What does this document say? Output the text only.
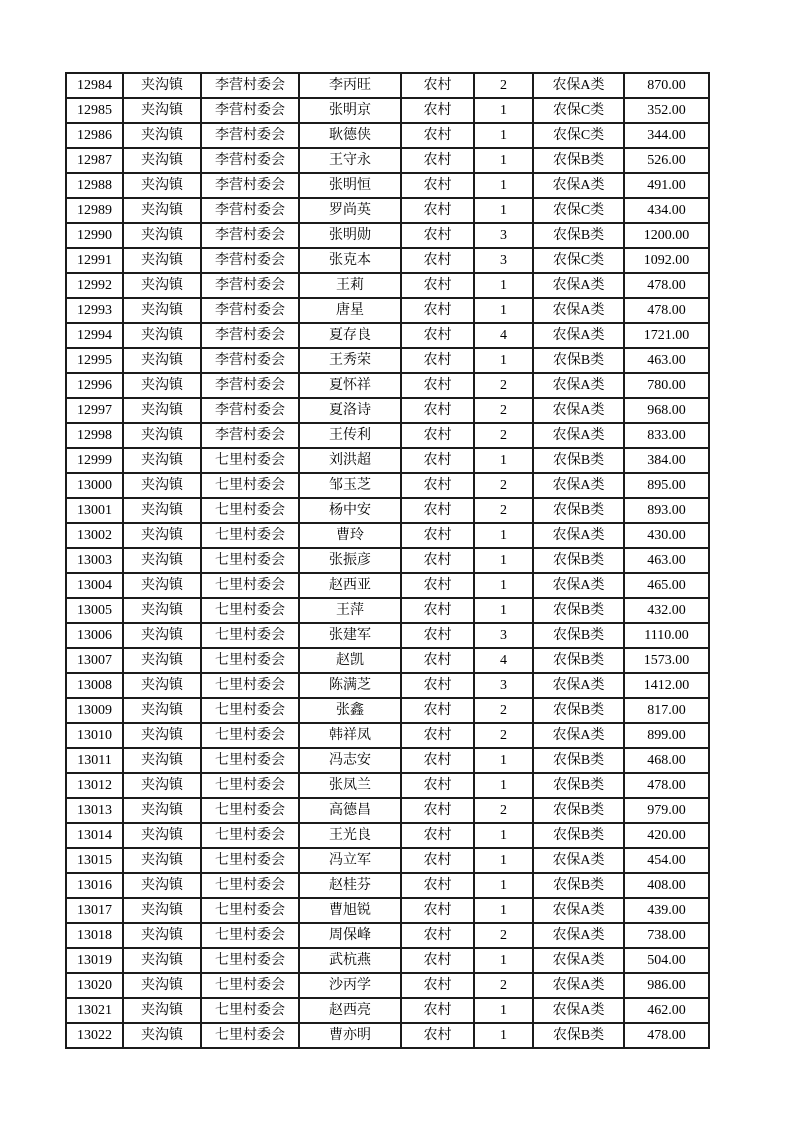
12984	夹沟镇	李营村委会	李丙旺	农村	2	农保A类	870.00
12985	夹沟镇	李营村委会	张明京	农村	1	农保C类	352.00
12986	夹沟镇	李营村委会	耿德侠	农村	1	农保C类	344.00
12987	夹沟镇	李营村委会	王守永	农村	1	农保B类	526.00
12988	夹沟镇	李营村委会	张明恒	农村	1	农保A类	491.00
12989	夹沟镇	李营村委会	罗尚英	农村	1	农保C类	434.00
12990	夹沟镇	李营村委会	张明勋	农村	3	农保B类	1200.00
12991	夹沟镇	李营村委会	张克本	农村	3	农保C类	1092.00
12992	夹沟镇	李营村委会	王莉	农村	1	农保A类	478.00
12993	夹沟镇	李营村委会	唐星	农村	1	农保A类	478.00
12994	夹沟镇	李营村委会	夏存良	农村	4	农保A类	1721.00
12995	夹沟镇	李营村委会	王秀荣	农村	1	农保B类	463.00
12996	夹沟镇	李营村委会	夏怀祥	农村	2	农保A类	780.00
12997	夹沟镇	李营村委会	夏洛诗	农村	2	农保A类	968.00
12998	夹沟镇	李营村委会	王传利	农村	2	农保A类	833.00
12999	夹沟镇	七里村委会	刘洪超	农村	1	农保B类	384.00
13000	夹沟镇	七里村委会	邹玉芝	农村	2	农保A类	895.00
13001	夹沟镇	七里村委会	杨中安	农村	2	农保B类	893.00
13002	夹沟镇	七里村委会	曹玲	农村	1	农保A类	430.00
13003	夹沟镇	七里村委会	张振彦	农村	1	农保B类	463.00
13004	夹沟镇	七里村委会	赵西亚	农村	1	农保A类	465.00
13005	夹沟镇	七里村委会	王萍	农村	1	农保B类	432.00
13006	夹沟镇	七里村委会	张建军	农村	3	农保B类	1110.00
13007	夹沟镇	七里村委会	赵凯	农村	4	农保B类	1573.00
13008	夹沟镇	七里村委会	陈满芝	农村	3	农保A类	1412.00
13009	夹沟镇	七里村委会	张鑫	农村	2	农保B类	817.00
13010	夹沟镇	七里村委会	韩祥凤	农村	2	农保A类	899.00
13011	夹沟镇	七里村委会	冯志安	农村	1	农保B类	468.00
13012	夹沟镇	七里村委会	张凤兰	农村	1	农保B类	478.00
13013	夹沟镇	七里村委会	高德昌	农村	2	农保B类	979.00
13014	夹沟镇	七里村委会	王光良	农村	1	农保B类	420.00
13015	夹沟镇	七里村委会	冯立军	农村	1	农保A类	454.00
13016	夹沟镇	七里村委会	赵桂芬	农村	1	农保B类	408.00
13017	夹沟镇	七里村委会	曹旭锐	农村	1	农保A类	439.00
13018	夹沟镇	七里村委会	周保峰	农村	2	农保A类	738.00
13019	夹沟镇	七里村委会	武杭燕	农村	1	农保A类	504.00
13020	夹沟镇	七里村委会	沙丙学	农村	2	农保A类	986.00
13021	夹沟镇	七里村委会	赵西亮	农村	1	农保A类	462.00
13022	夹沟镇	七里村委会	曹亦明	农村	1	农保B类	478.00
